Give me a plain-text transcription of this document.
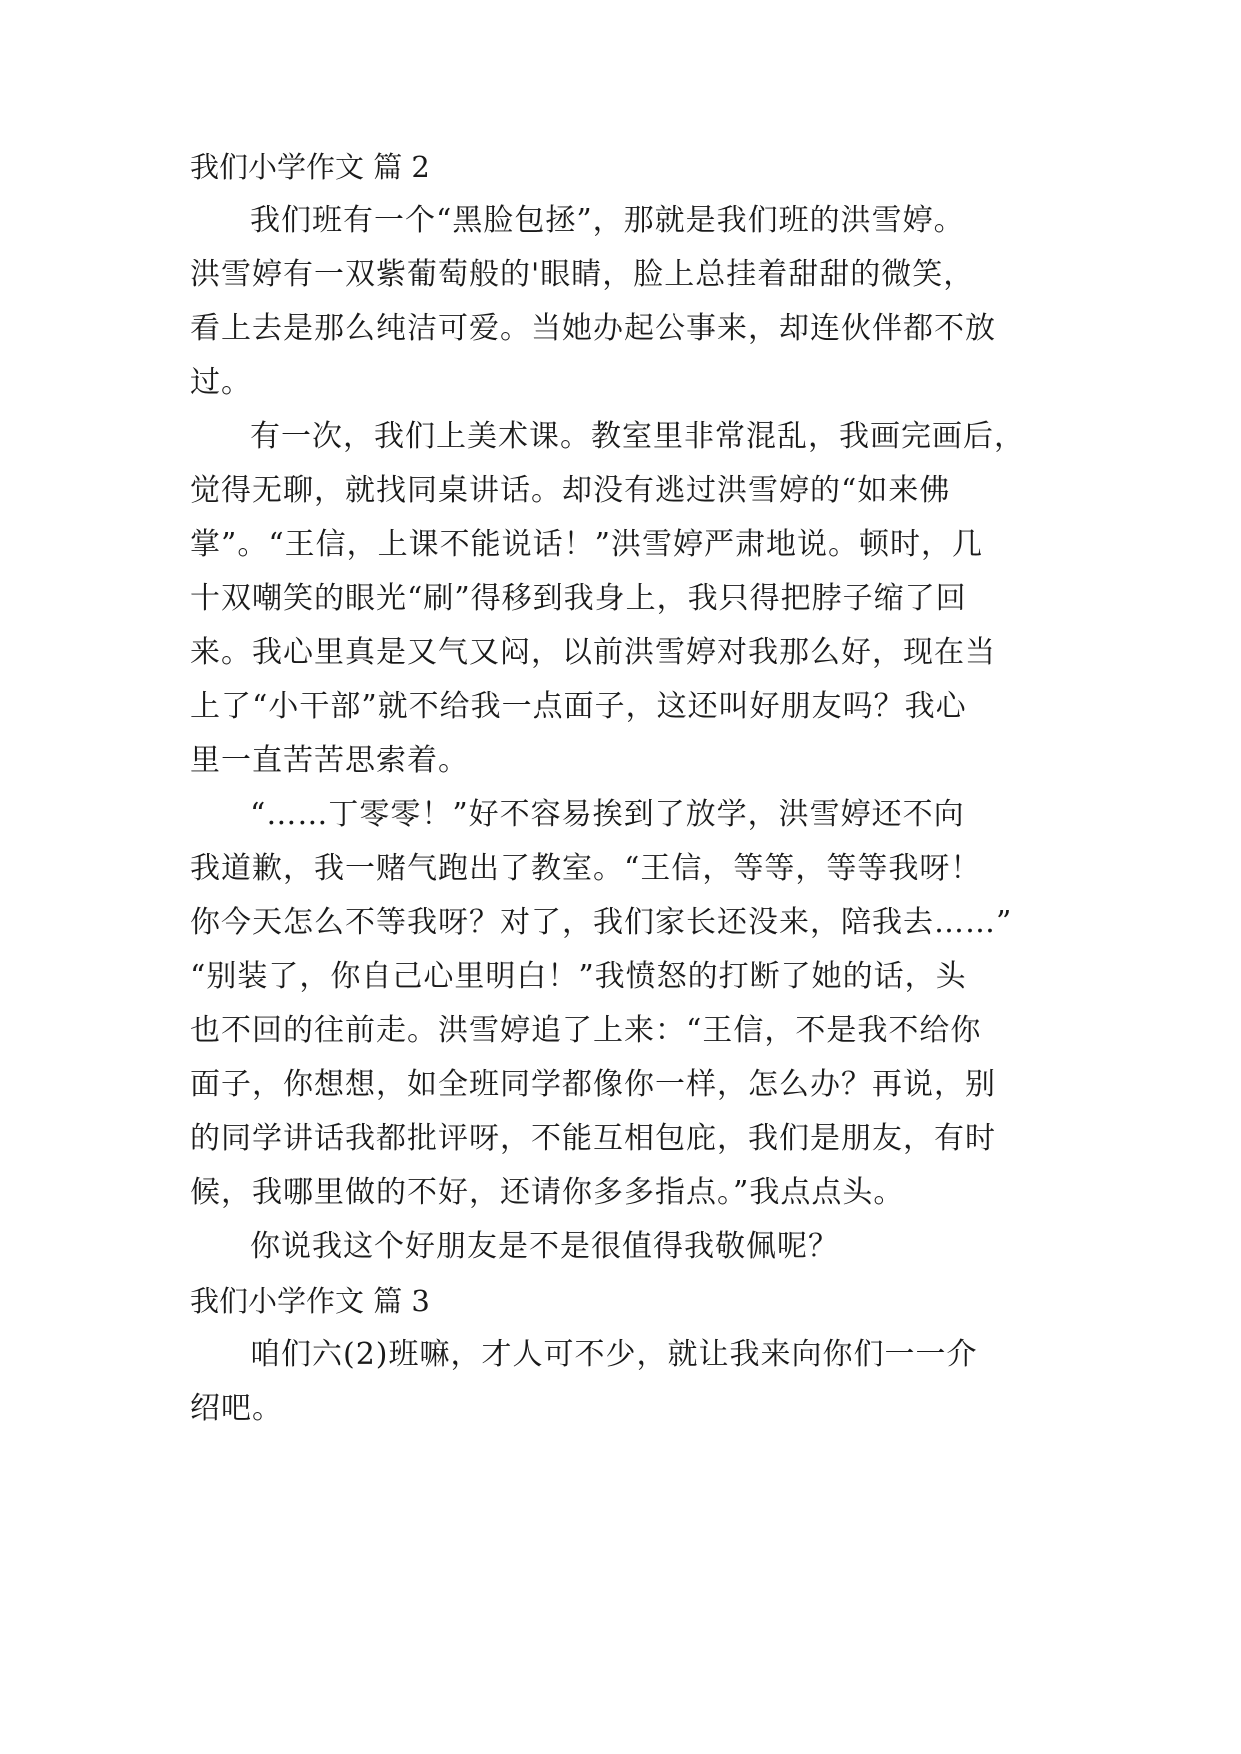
我们小学作文 篇 2
我们班有一个“黑脸包拯”，那就是我们班的洪雪婷。
洪雪婷有一双紫葡萄般的'眼睛，脸上总挂着甜甜的微笑，
看上去是那么纯洁可爱。当她办起公事来，却连伙伴都不放
过。
有一次，我们上美术课。教室里非常混乱，我画完画后，
觉得无聊，就找同桌讲话。却没有逃过洪雪婷的“如来佛
掌”。“王信，上课不能说话！”洪雪婷严肃地说。顿时，几
十双嘲笑的眼光“刷”得移到我身上，我只得把脖子缩了回
来。我心里真是又气又闷，以前洪雪婷对我那么好，现在当
上了“小干部”就不给我一点面子，这还叫好朋友吗？我心
里一直苦苦思索着。
“……丁零零！”好不容易挨到了放学，洪雪婷还不向
我道歉，我一赌气跑出了教室。“王信，等等，等等我呀！
你今天怎么不等我呀？对了，我们家长还没来，陪我去……”
“别装了，你自己心里明白！”我愤怒的打断了她的话，头
也不回的往前走。洪雪婷追了上来：“王信，不是我不给你
面子，你想想，如全班同学都像你一样，怎么办？再说，别
的同学讲话我都批评呀，不能互相包庇，我们是朋友，有时
候，我哪里做的不好，还请你多多指点。”我点点头。
你说我这个好朋友是不是很值得我敬佩呢？
我们小学作文 篇 3
咱们六(2)班嘛，才人可不少，就让我来向你们一一介
绍吧。
